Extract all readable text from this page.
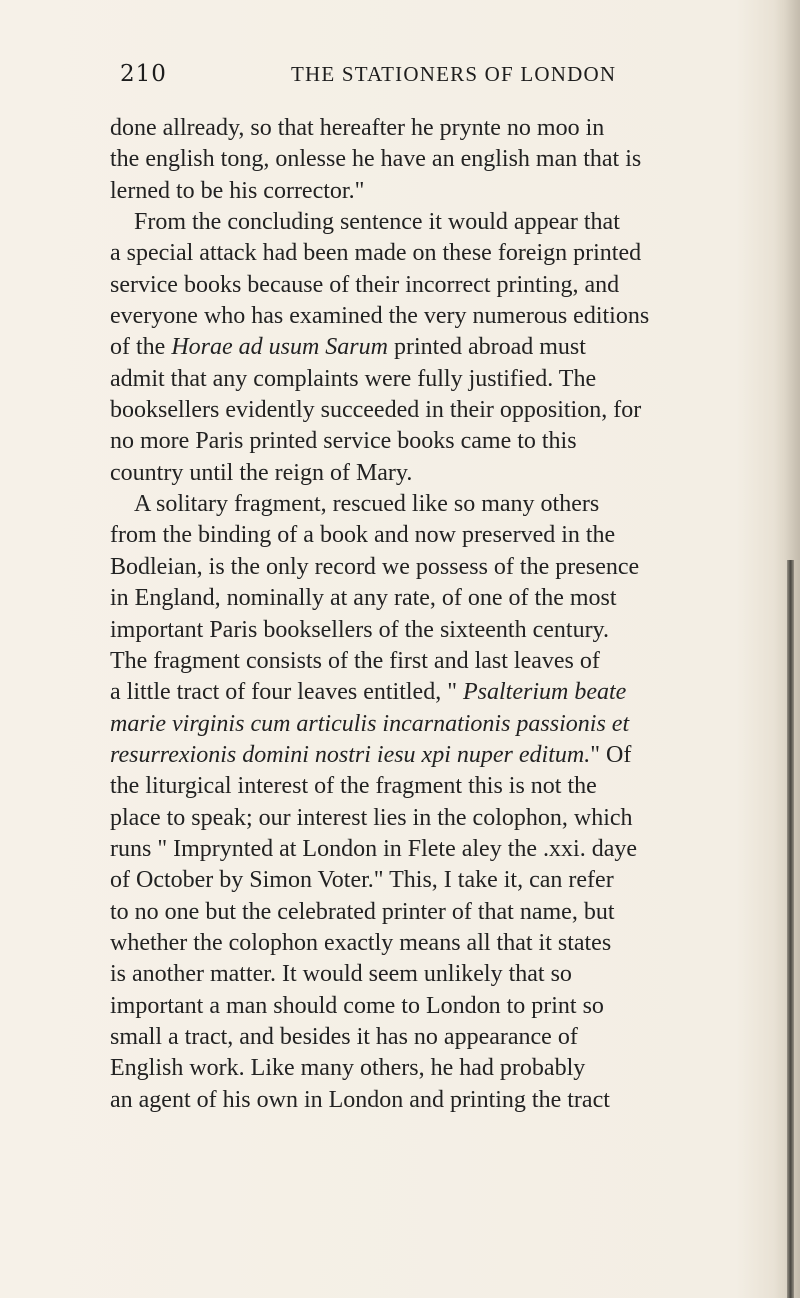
210	THE STATIONERS OF LONDON
done allready, so that hereafter he prynte no moo in
the english tong, onlesse he have an english man that is
lerned to be his corrector."
From the concluding sentence it would appear that
a special attack had been made on these foreign printed
service books because of their incorrect printing, and
everyone who has examined the very numerous editions
of the Horae ad usum Sarum printed abroad must
admit that any complaints were fully justified. The
booksellers evidently succeeded in their opposition, for
no more Paris printed service books came to this
country until the reign of Mary.
A solitary fragment, rescued like so many others
from the binding of a book and now preserved in the
Bodleian, is the only record we possess of the presence
in England, nominally at any rate, of one of the most
important Paris booksellers of the sixteenth century.
The fragment consists of the first and last leaves of
a little tract of four leaves entitled, " Psalterium beate
marie virginis cum articulis incarnationis passionis et
resurrexionis domini nostri iesu xpi nuper editum." Of
the liturgical interest of the fragment this is not the
place to speak; our interest lies in the colophon, which
runs " Imprynted at London in Flete aley the .xxi. daye
of October by Simon Voter." This, I take it, can refer
to no one but the celebrated printer of that name, but
whether the colophon exactly means all that it states
is another matter. It would seem unlikely that so
important a man should come to London to print so
small a tract, and besides it has no appearance of
English work. Like many others, he had probably
an agent of his own in London and printing the tract
